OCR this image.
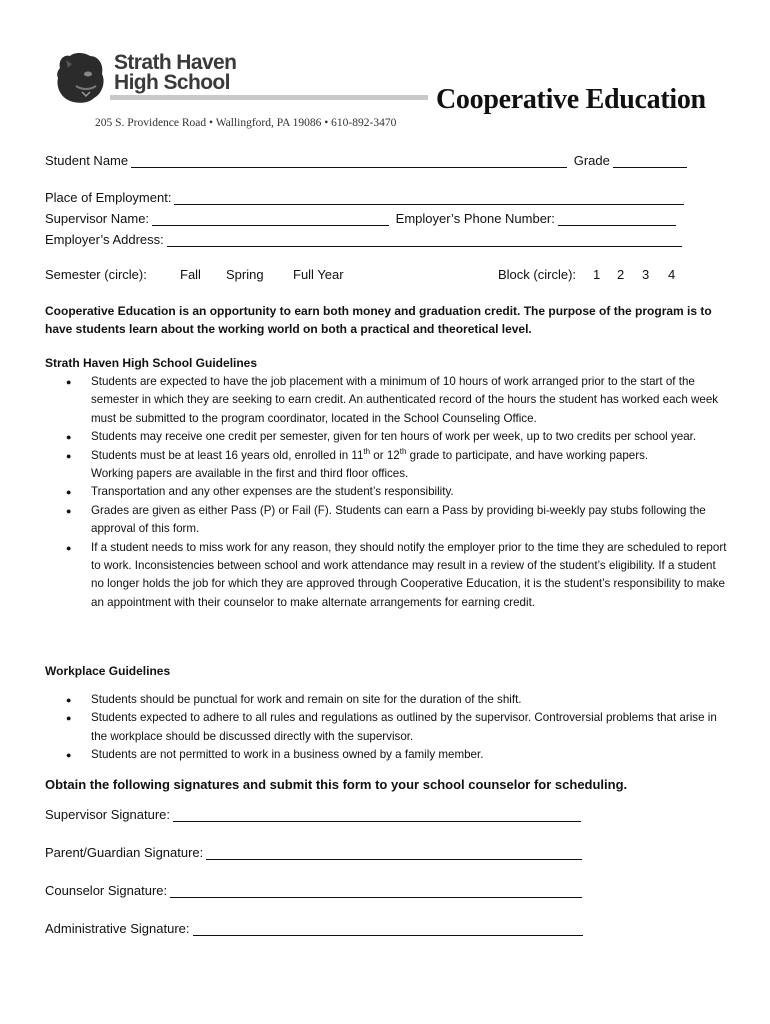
Strath Haven
High School
205 S. Providence Road • Wallingford, PA 19086 • 610-892-3470
Cooperative Education
Student Name	Grade
Place of Employment:
Supervisor Name:	Employer’s Phone Number:
Employer’s Address:
Semester (circle):	Fall Spring Full Year	Block (circle): 1 2 3 4
Cooperative Education is an opportunity to earn both money and graduation credit. The purpose of the program is to have students learn about the working world on both a practical and theoretical level.
Strath Haven High School Guidelines
● Students are expected to have the job placement with a minimum of 10 hours of work arranged prior to the start of the semester in which they are seeking to earn credit. An authenticated record of the hours the student has worked each week must be submitted to the program coordinator, located in the School Counseling Office.
● Students may receive one credit per semester, given for ten hours of work per week, up to two credits per school year.
● Students must be at least 16 years old, enrolled in 11th or 12th grade to participate, and have working papers.
Working papers are available in the first and third floor offices.
● Transportation and any other expenses are the student’s responsibility.
● Grades are given as either Pass (P) or Fail (F). Students can earn a Pass by providing bi-weekly pay stubs following the approval of this form.
● If a student needs to miss work for any reason, they should notify the employer prior to the time they are scheduled to report to work. Inconsistencies between school and work attendance may result in a review of the student’s eligibility. If a student no longer holds the job for which they are approved through Cooperative Education, it is the student’s responsibility to make an appointment with their counselor to make alternate arrangements for earning credit.
Workplace Guidelines
● Students should be punctual for work and remain on site for the duration of the shift.
● Students expected to adhere to all rules and regulations as outlined by the supervisor. Controversial problems that arise in the workplace should be discussed directly with the supervisor.
● Students are not permitted to work in a business owned by a family member.
Obtain the following signatures and submit this form to your school counselor for scheduling.
Supervisor Signature:
Parent/Guardian Signature:
Counselor Signature:
Administrative Signature:
